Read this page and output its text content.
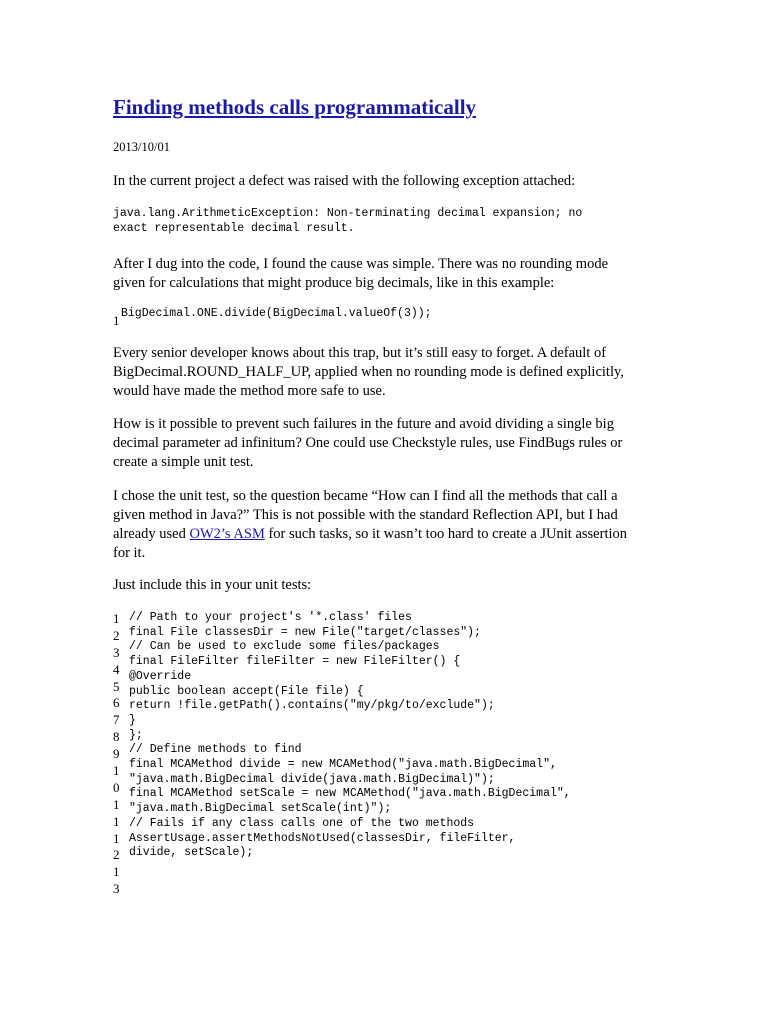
Finding methods calls programmatically
2013/10/01

In the current project a defect was raised with the following exception attached:

java.lang.ArithmeticException: Non-terminating decimal expansion; no
exact representable decimal result.
After I dug into the code, I found the cause was simple. There was no rounding mode
given for calculations that might produce big decimals, like in this example:
1 BigDecimal.ONE.divide(BigDecimal.valueOf(3));
Every senior developer knows about this trap, but it’s still easy to forget. A default of
BigDecimal.ROUND_HALF_UP, applied when no rounding mode is defined explicitly,
would have made the method more safe to use.
How is it possible to prevent such failures in the future and avoid dividing a single big
decimal parameter ad infinitum? One could use Checkstyle rules, use FindBugs rules or
create a simple unit test.
I chose the unit test, so the question became “How can I find all the methods that call a
given method in Java?” This is not possible with the standard Reflection API, but I had
already used OW2’s ASM for such tasks, so it wasn’t too hard to create a JUnit assertion
for it.

Just include this in your unit tests:

1
2
3
4
5
6
7
8
9
1
0
1
1
1
2
1
3
// Path to your project's '*.class' files
final File classesDir = new File("target/classes");
// Can be used to exclude some files/packages
final FileFilter fileFilter = new FileFilter() {
@Override
public boolean accept(File file) {
return !file.getPath().contains("my/pkg/to/exclude");
}
};
// Define methods to find
final MCAMethod divide = new MCAMethod("java.math.BigDecimal",
"java.math.BigDecimal divide(java.math.BigDecimal)");
final MCAMethod setScale = new MCAMethod("java.math.BigDecimal",
"java.math.BigDecimal setScale(int)");
// Fails if any class calls one of the two methods
AssertUsage.assertMethodsNotUsed(classesDir, fileFilter,
divide, setScale);
